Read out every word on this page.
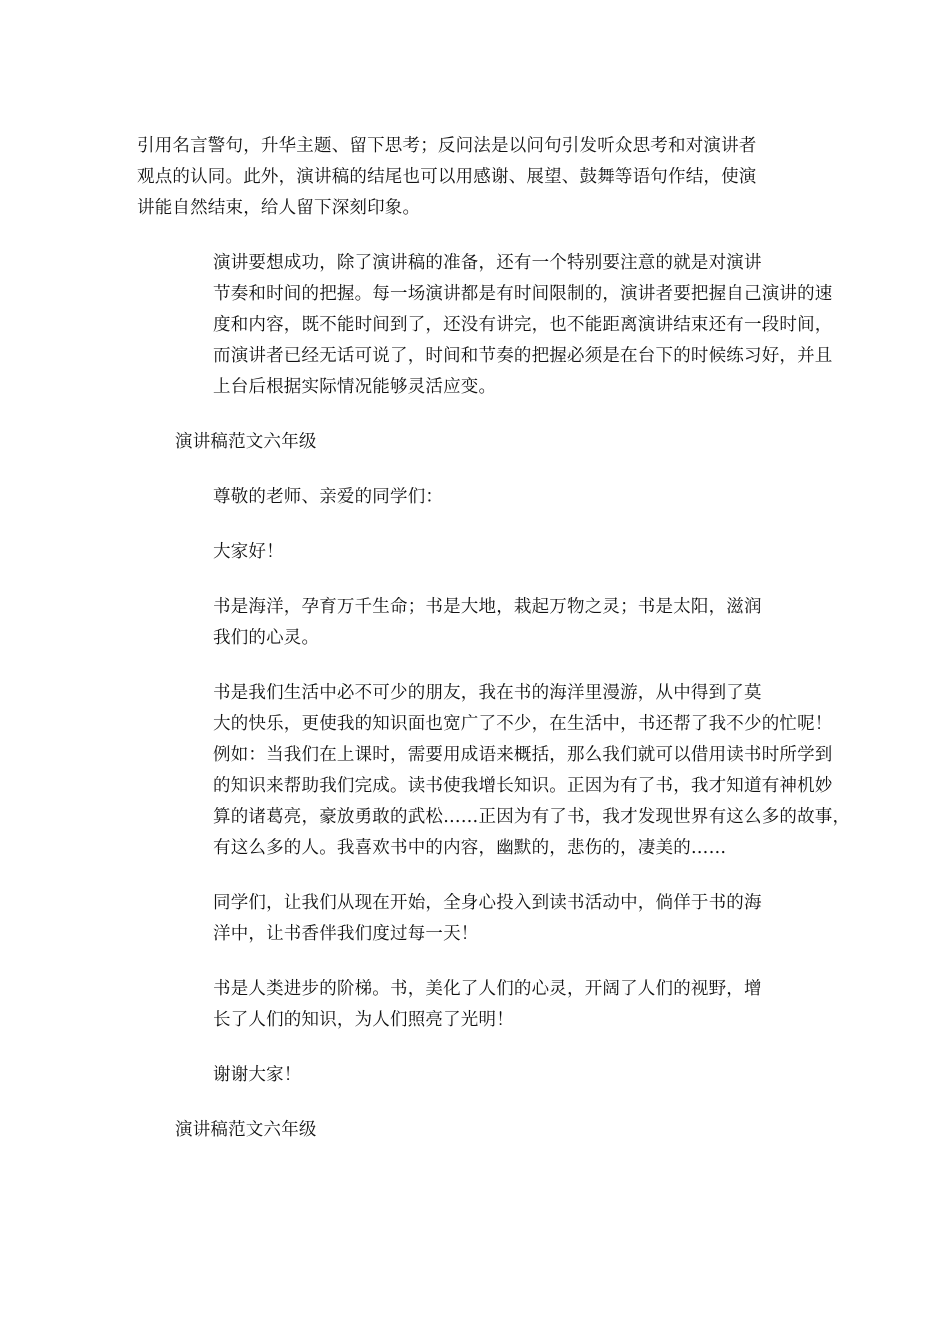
引用名言警句，升华主题、留下思考；反问法是以问句引发听众思考和对演讲者
观点的认同。此外，演讲稿的结尾也可以用感谢、展望、鼓舞等语句作结，使演
讲能自然结束，给人留下深刻印象。

演讲要想成功，除了演讲稿的准备，还有一个特别要注意的就是对演讲
节奏和时间的把握。每一场演讲都是有时间限制的，演讲者要把握自己演讲的速
度和内容，既不能时间到了，还没有讲完，也不能距离演讲结束还有一段时间，
而演讲者已经无话可说了，时间和节奏的把握必须是在台下的时候练习好，并且
上台后根据实际情况能够灵活应变。

演讲稿范文六年级

尊敬的老师、亲爱的同学们：

大家好！

书是海洋，孕育万千生命；书是大地，栽起万物之灵；书是太阳，滋润
我们的心灵。

书是我们生活中必不可少的朋友，我在书的海洋里漫游，从中得到了莫
大的快乐，更使我的知识面也宽广了不少，在生活中，书还帮了我不少的忙呢！
例如：当我们在上课时，需要用成语来概括，那么我们就可以借用读书时所学到
的知识来帮助我们完成。读书使我增长知识。正因为有了书，我才知道有神机妙
算的诸葛亮，豪放勇敢的武松……正因为有了书，我才发现世界有这么多的故事，
有这么多的人。我喜欢书中的内容，幽默的，悲伤的，凄美的……

同学们，让我们从现在开始，全身心投入到读书活动中，倘佯于书的海
洋中，让书香伴我们度过每一天！

书是人类进步的阶梯。书，美化了人们的心灵，开阔了人们的视野，增
长了人们的知识，为人们照亮了光明！

谢谢大家！

演讲稿范文六年级
